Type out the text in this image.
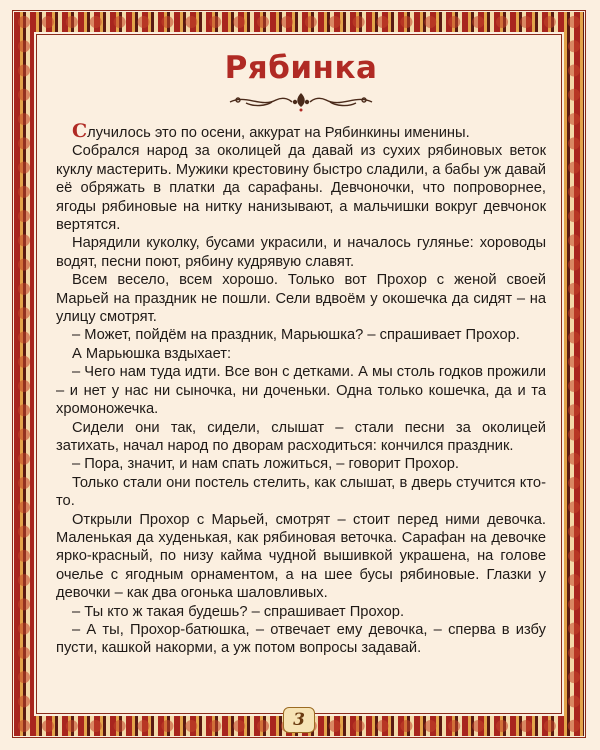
Рябинка

Случилось это по осени, аккурат на Рябинкины именины.

Собрался народ за околицей да давай из сухих рябиновых веток куклу мастерить. Мужики крестовину быстро сладили, а бабы уж давай её обряжать в платки да сарафаны. Девчоночки, что попроворнее, ягоды рябиновые на нитку нанизывают, а мальчишки вокруг девчонок вертятся.

Нарядили куколку, бусами украсили, и началось гулянье: хороводы водят, песни поют, рябину кудрявую славят.

Всем весело, всем хорошо. Только вот Прохор с женой своей Марьей на праздник не пошли. Сели вдвоём у окошечка да сидят – на улицу смотрят.

– Может, пойдём на праздник, Марьюшка? – спрашивает Прохор.

А Марьюшка вздыхает:

– Чего нам туда идти. Все вон с детками. А мы столь годков прожили – и нет у нас ни сыночка, ни доченьки. Одна только кошечка, да и та хромоножечка.

Сидели они так, сидели, слышат – стали песни за околицей затихать, начал народ по дворам расходиться: кончился праздник.

– Пора, значит, и нам спать ложиться, – говорит Прохор.

Только стали они постель стелить, как слышат, в дверь стучится кто-то.

Открыли Прохор с Марьей, смотрят – стоит перед ними девочка. Маленькая да худенькая, как рябиновая веточка. Сарафан на девочке ярко-красный, по низу кайма чудной вышивкой украшена, на голове очелье с ягодным орнаментом, а на шее бусы рябиновые. Глазки у девочки – как два огонька шаловливых.

– Ты кто ж такая будешь? – спрашивает Прохор.

– А ты, Прохор-батюшка, – отвечает ему девочка, – сперва в избу пусти, кашкой накорми, а уж потом вопросы задавай.

3
